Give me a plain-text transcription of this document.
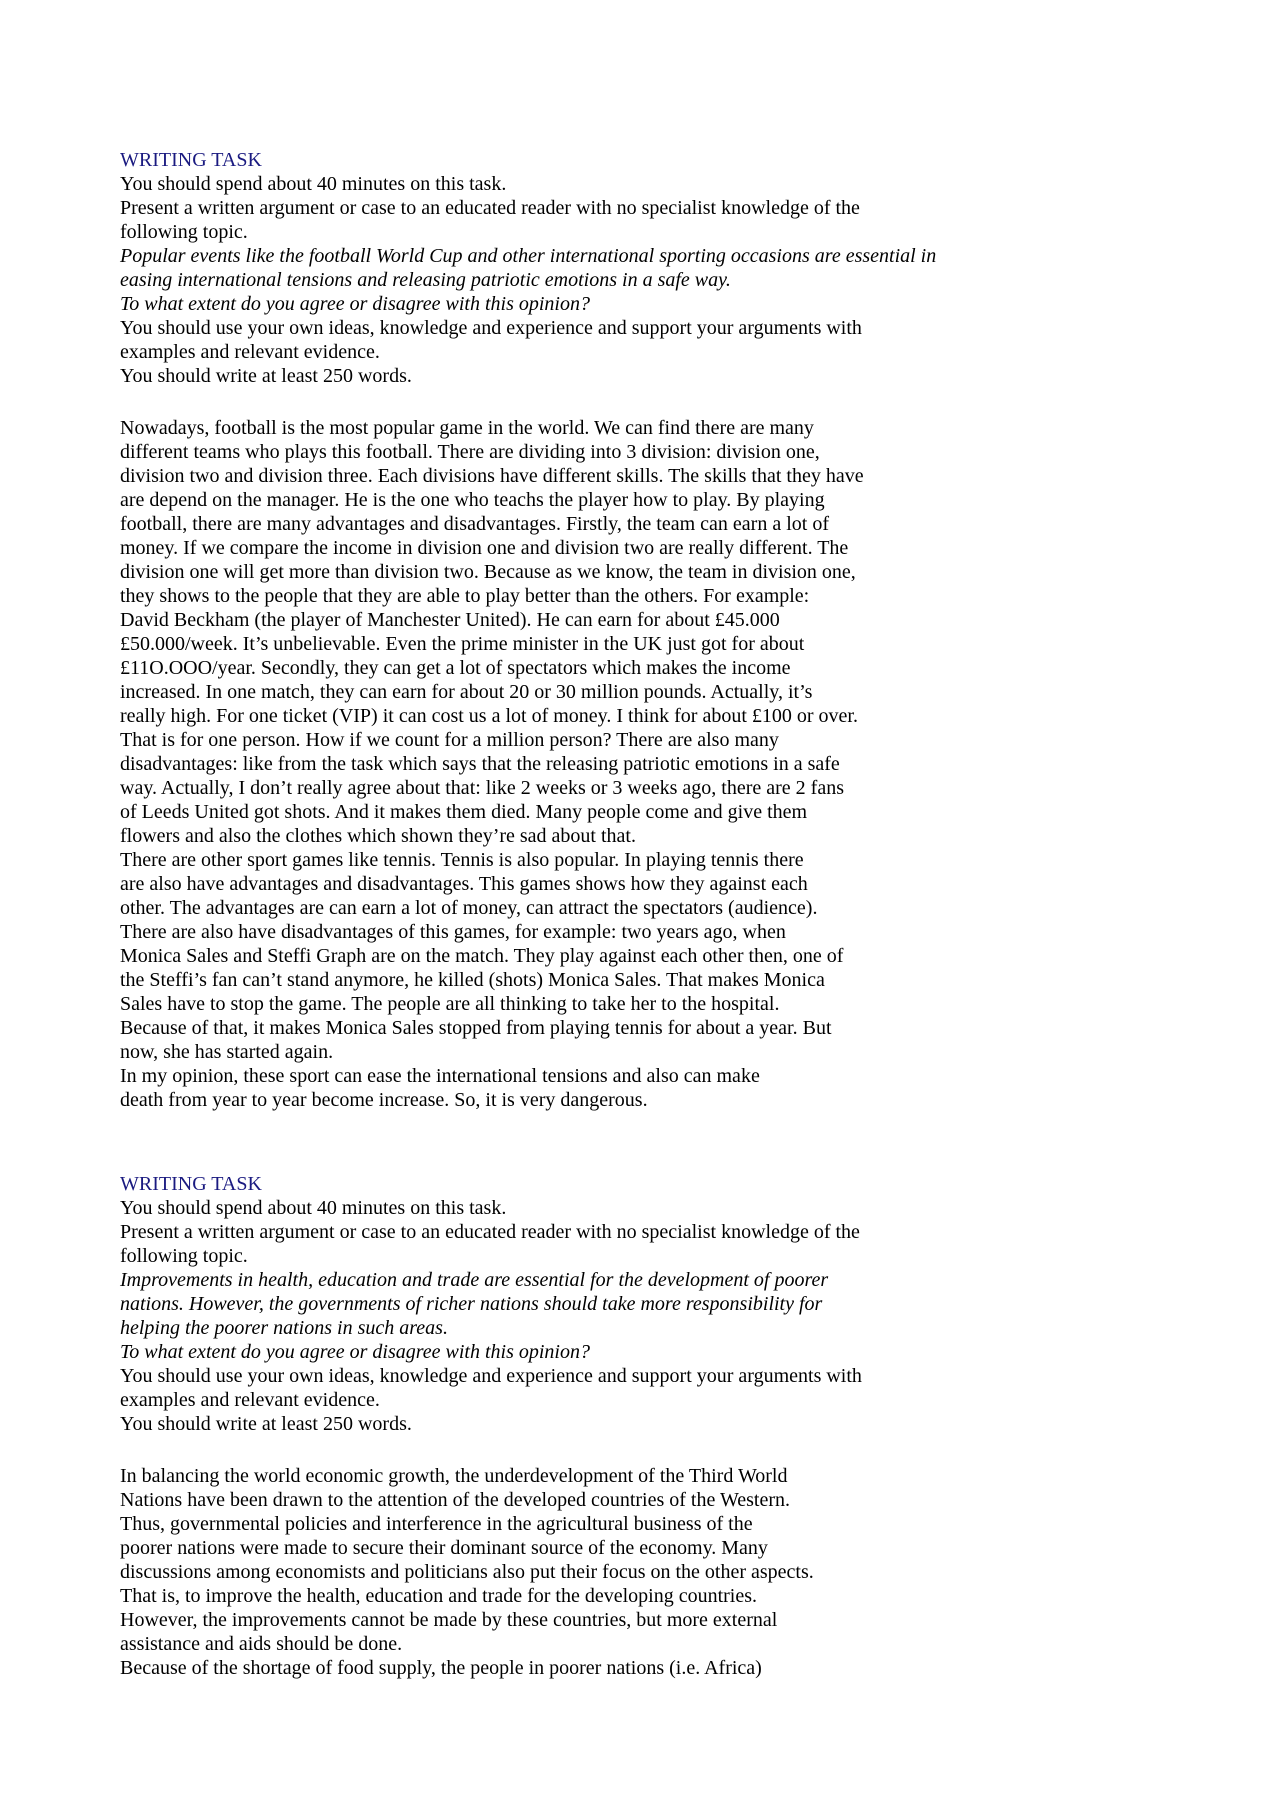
WRITING TASK
You should spend about 40 minutes on this task.
Present a written argument or case to an educated reader with no specialist knowledge of the
following topic.
Popular events like the football World Cup and other international sporting occasions are essential in
easing international tensions and releasing patriotic emotions in a safe way.
To what extent do you agree or disagree with this opinion?
You should use your own ideas, knowledge and experience and support your arguments with
examples and relevant evidence.
You should write at least 250 words.
Nowadays, football is the most popular game in the world. We can find there are many
different teams who plays this football. There are dividing into 3 division: division one,
division two and division three. Each divisions have different skills. The skills that they have
are depend on the manager. He is the one who teachs the player how to play. By playing
football, there are many advantages and disadvantages. Firstly, the team can earn a lot of
money. If we compare the income in division one and division two are really different. The
division one will get more than division two. Because as we know, the team in division one,
they shows to the people that they are able to play better than the others. For example:
David Beckham (the player of Manchester United). He can earn for about £45.000
£50.000/week. It’s unbelievable. Even the prime minister in the UK just got for about
£11O.OOO/year. Secondly, they can get a lot of spectators which makes the income
increased. In one match, they can earn for about 20 or 30 million pounds. Actually, it’s
really high. For one ticket (VIP) it can cost us a lot of money. I think for about £100 or over.
That is for one person. How if we count for a million person? There are also many
disadvantages: like from the task which says that the releasing patriotic emotions in a safe
way. Actually, I don’t really agree about that: like 2 weeks or 3 weeks ago, there are 2 fans
of Leeds United got shots. And it makes them died. Many people come and give them
flowers and also the clothes which shown they’re sad about that.
There are other sport games like tennis. Tennis is also popular. In playing tennis there
are also have advantages and disadvantages. This games shows how they against each
other. The advantages are can earn a lot of money, can attract the spectators (audience).
There are also have disadvantages of this games, for example: two years ago, when
Monica Sales and Steffi Graph are on the match. They play against each other then, one of
the Steffi’s fan can’t stand anymore, he killed (shots) Monica Sales. That makes Monica
Sales have to stop the game. The people are all thinking to take her to the hospital.
Because of that, it makes Monica Sales stopped from playing tennis for about a year. But
now, she has started again.
In my opinion, these sport can ease the international tensions and also can make
death from year to year become increase. So, it is very dangerous.
WRITING TASK
You should spend about 40 minutes on this task.
Present a written argument or case to an educated reader with no specialist knowledge of the
following topic.
Improvements in health, education and trade are essential for the development of poorer
nations. However, the governments of richer nations should take more responsibility for
helping the poorer nations in such areas.
To what extent do you agree or disagree with this opinion?
You should use your own ideas, knowledge and experience and support your arguments with
examples and relevant evidence.
You should write at least 250 words.
In balancing the world economic growth, the underdevelopment of the Third World
Nations have been drawn to the attention of the developed countries of the Western.
Thus, governmental policies and interference in the agricultural business of the
poorer nations were made to secure their dominant source of the economy. Many
discussions among economists and politicians also put their focus on the other aspects.
That is, to improve the health, education and trade for the developing countries.
However, the improvements cannot be made by these countries, but more external
assistance and aids should be done.
Because of the shortage of food supply, the people in poorer nations (i.e. Africa)
